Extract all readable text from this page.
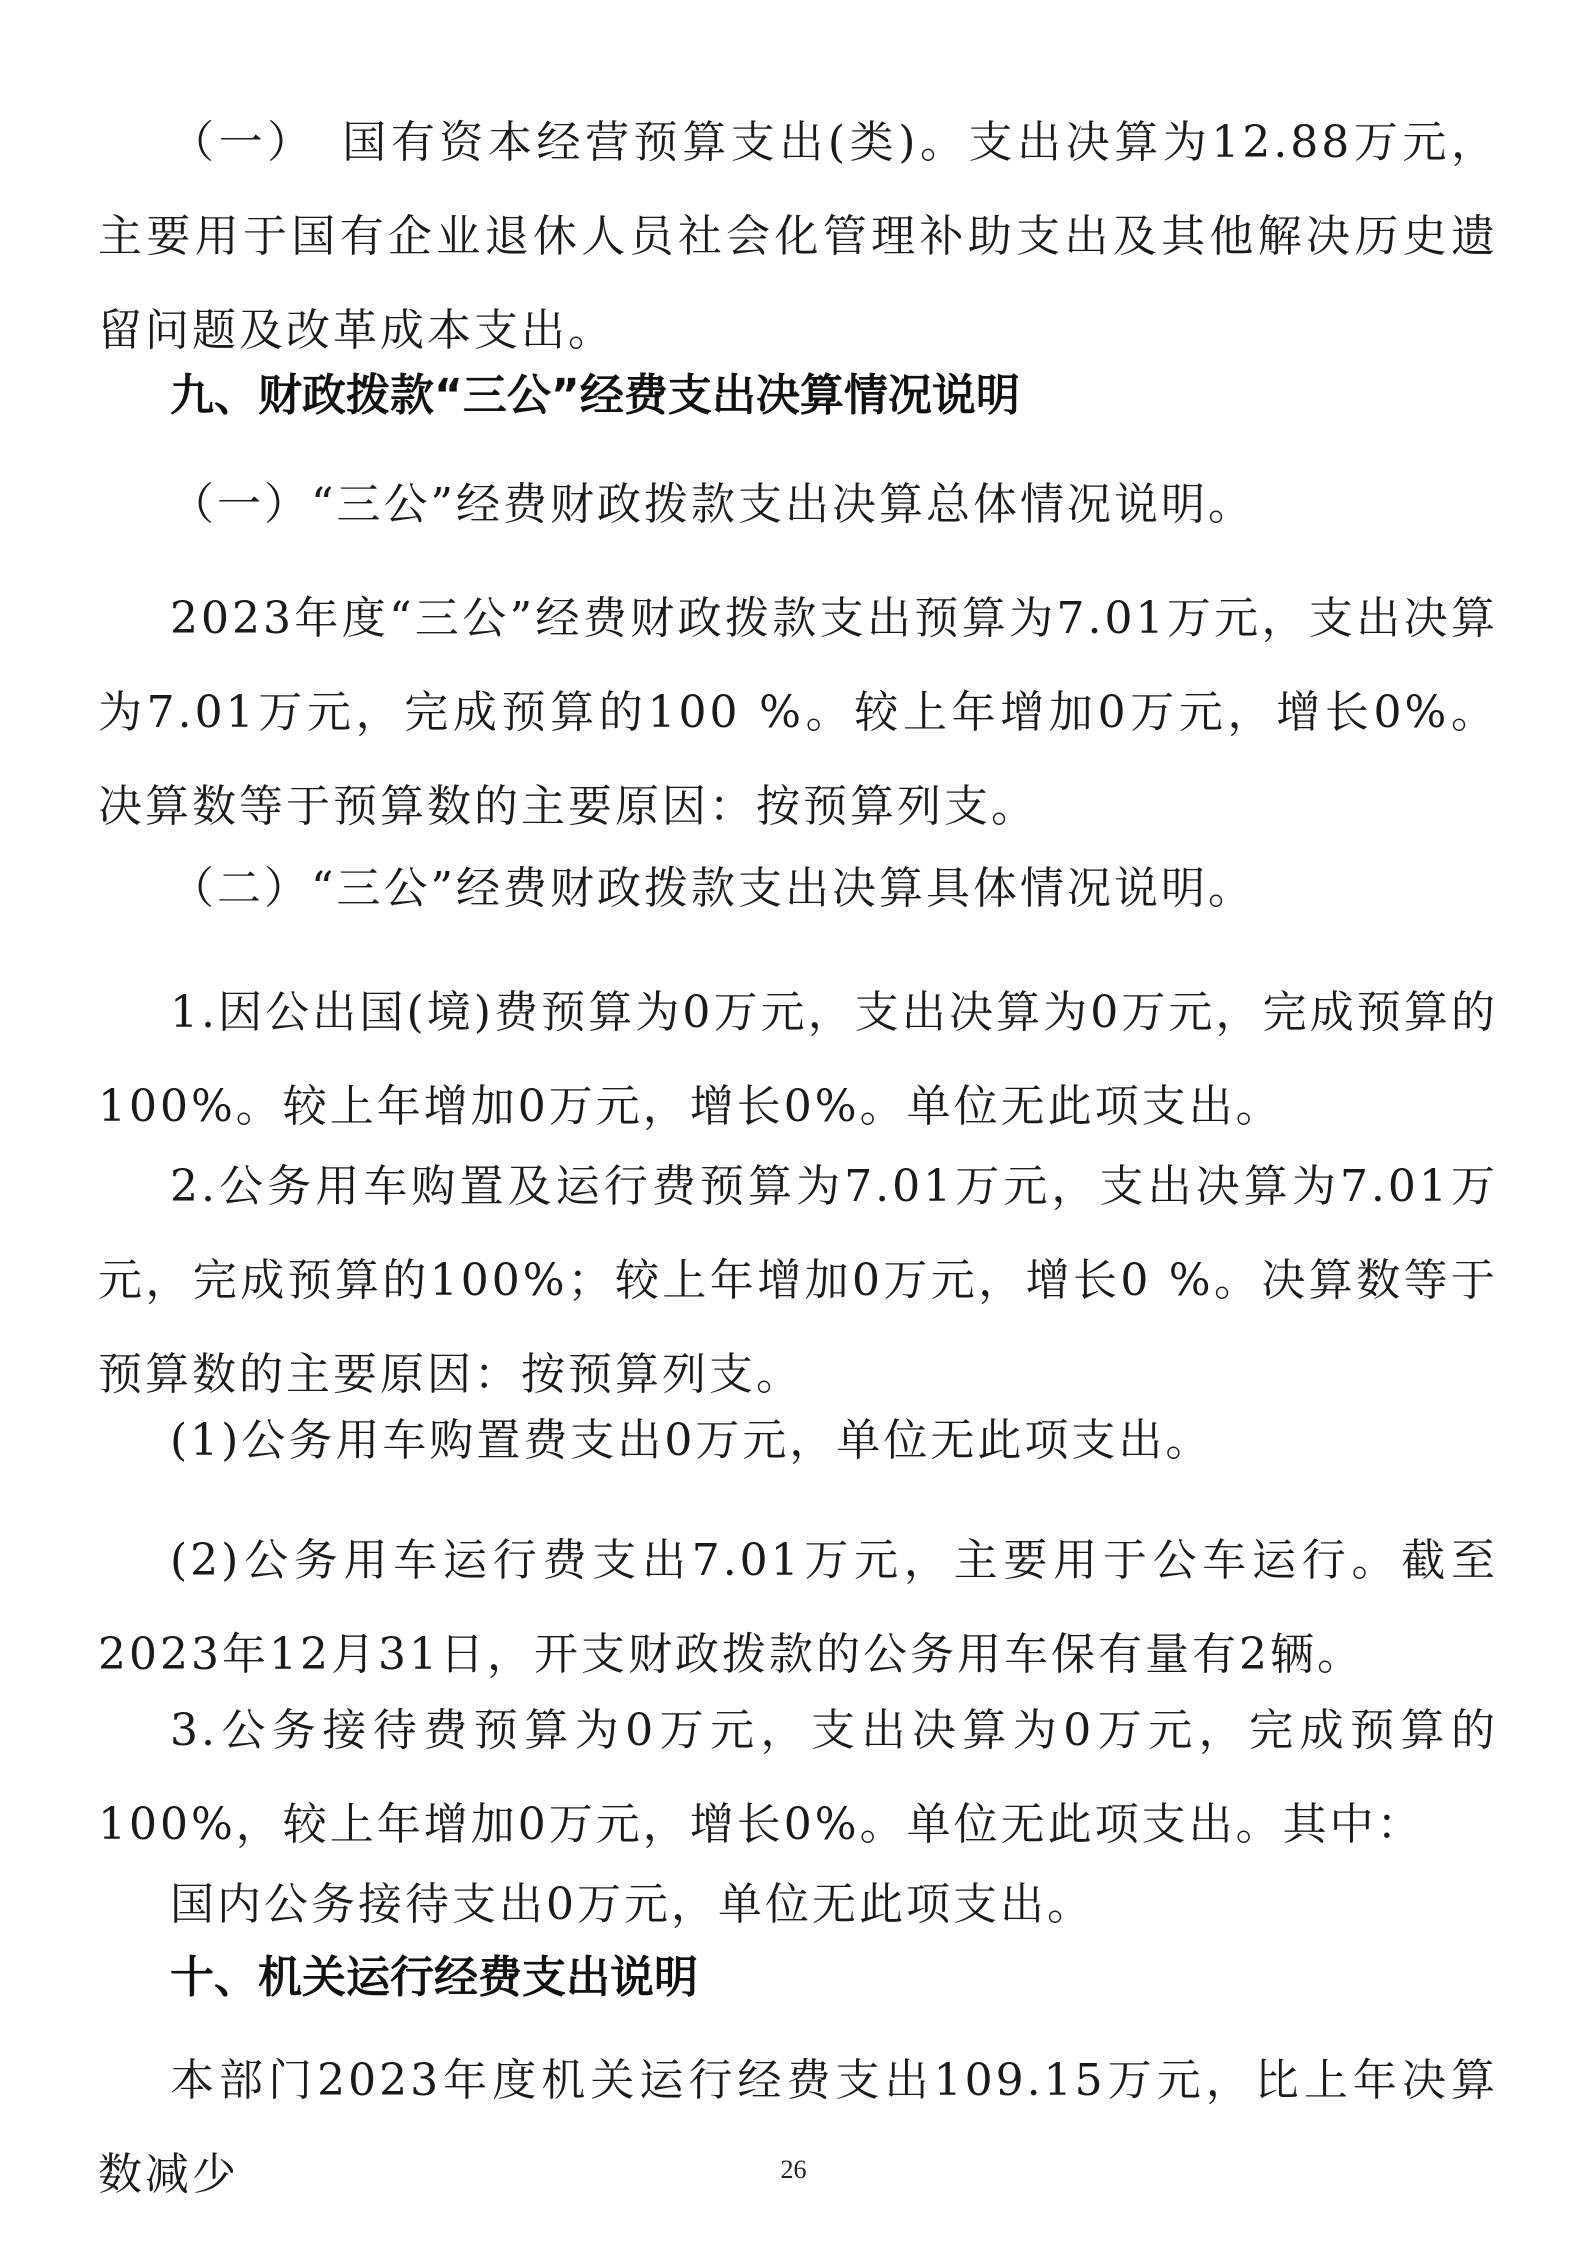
（一）　国有资本经营预算支出(类)。支出决算为12.88万元，主要用于国有企业退休人员社会化管理补助支出及其他解决历史遗留问题及改革成本支出。

九、财政拨款“三公”经费支出决算情况说明

（一）“三公”经费财政拨款支出决算总体情况说明。

2023年度“三公”经费财政拨款支出预算为7.01万元，支出决算为7.01万元，完成预算的100 %。较上年增加0万元，增长0%。决算数等于预算数的主要原因：按预算列支。

（二）“三公”经费财政拨款支出决算具体情况说明。

1.因公出国(境)费预算为0万元，支出决算为0万元，完成预算的100%。较上年增加0万元，增长0%。单位无此项支出。

2.公务用车购置及运行费预算为7.01万元，支出决算为7.01万元，完成预算的100%；较上年增加0万元，增长0 %。决算数等于预算数的主要原因：按预算列支。

(1)公务用车购置费支出0万元，单位无此项支出。

(2)公务用车运行费支出7.01万元，主要用于公车运行。截至2023年12月31日，开支财政拨款的公务用车保有量有2辆。

3.公务接待费预算为0万元，支出决算为0万元，完成预算的100%，较上年增加0万元，增长0%。单位无此项支出。其中：

国内公务接待支出0万元，单位无此项支出。

十、机关运行经费支出说明

本部门2023年度机关运行经费支出109.15万元，比上年决算数减少	26
